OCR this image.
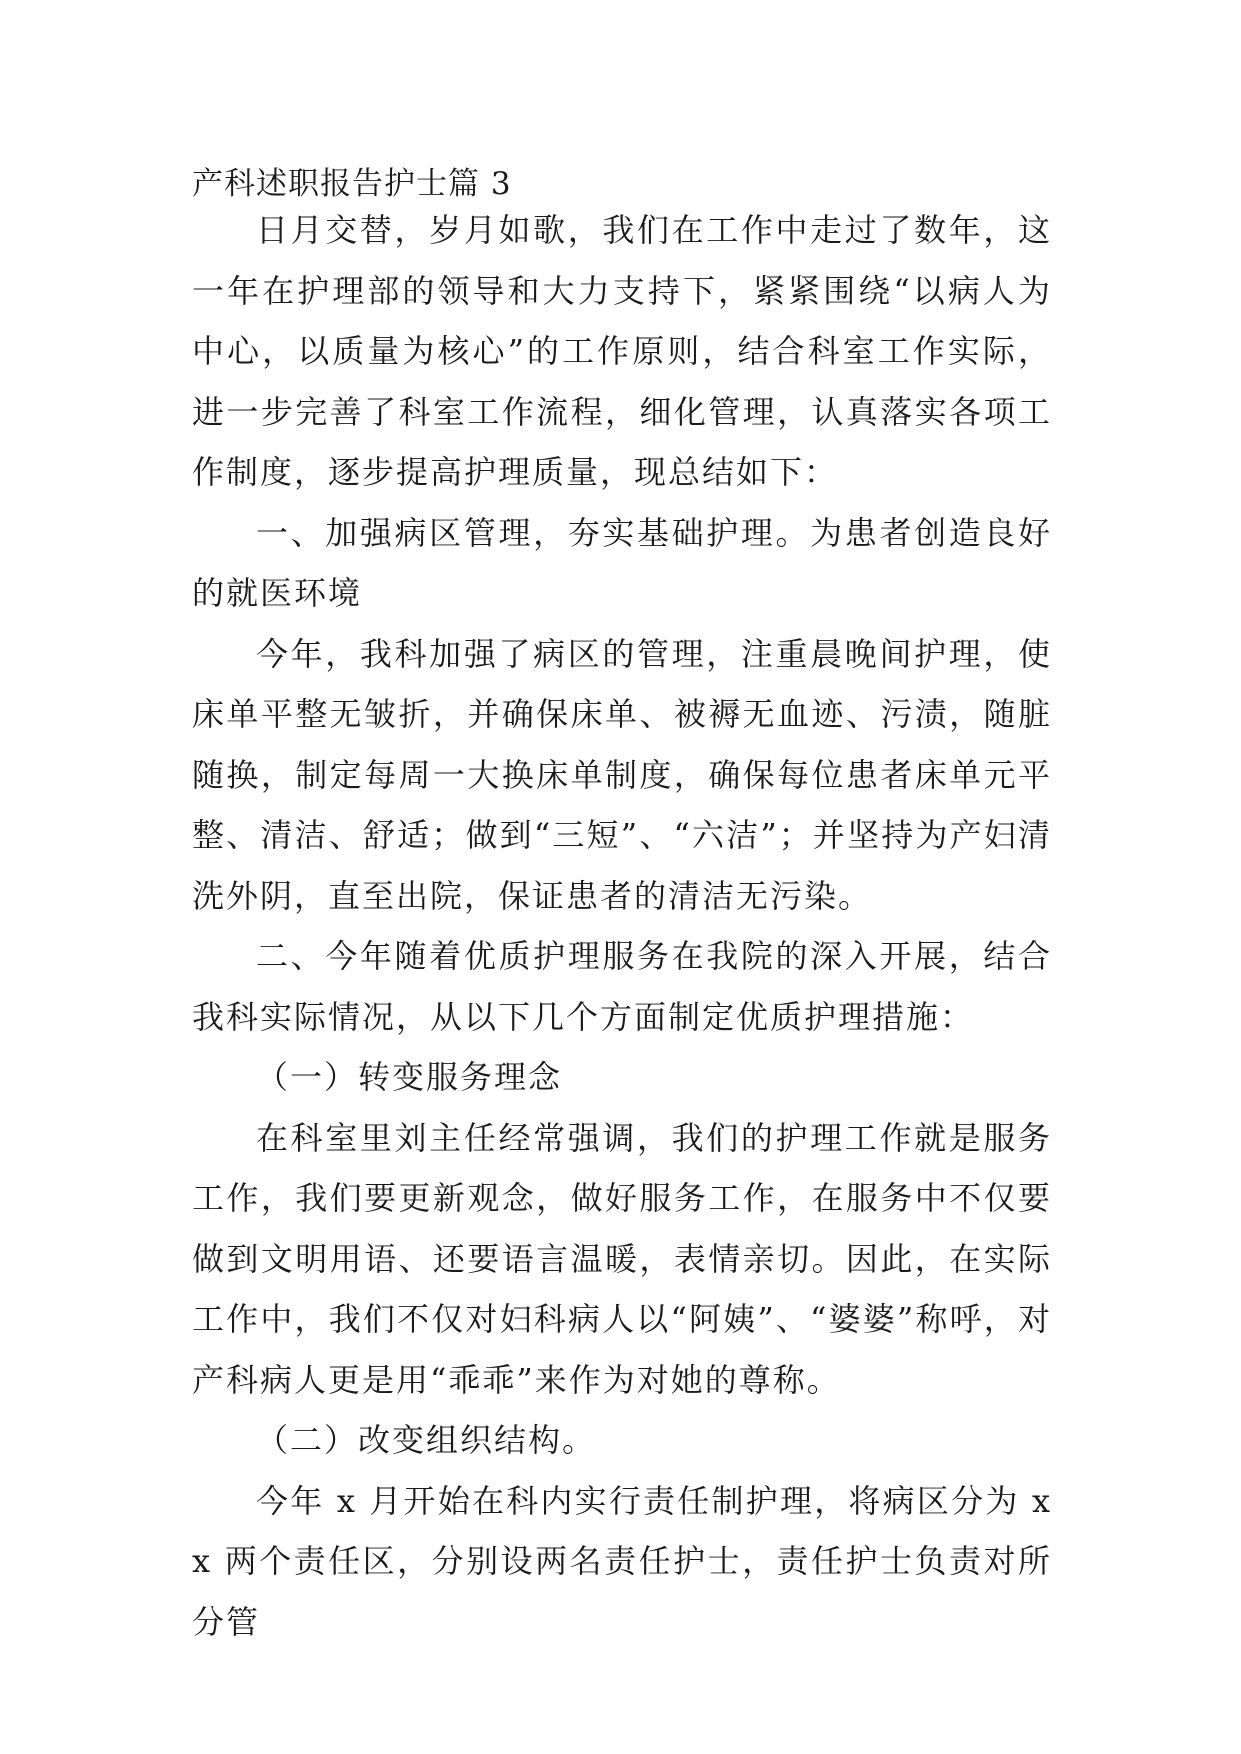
产科述职报告护士篇 3

日月交替，岁月如歌，我们在工作中走过了数年，这一年在护理部的领导和大力支持下，紧紧围绕“以病人为中心，以质量为核心”的工作原则，结合科室工作实际，进一步完善了科室工作流程，细化管理，认真落实各项工作制度，逐步提高护理质量，现总结如下：

一、加强病区管理，夯实基础护理。为患者创造良好的就医环境

今年，我科加强了病区的管理，注重晨晚间护理，使床单平整无皱折，并确保床单、被褥无血迹、污渍，随脏随换，制定每周一大换床单制度，确保每位患者床单元平整、清洁、舒适；做到“三短”、“六洁”；并坚持为产妇清洗外阴，直至出院，保证患者的清洁无污染。

二、今年随着优质护理服务在我院的深入开展，结合我科实际情况，从以下几个方面制定优质护理措施：

（一）转变服务理念

在科室里刘主任经常强调，我们的护理工作就是服务工作，我们要更新观念，做好服务工作，在服务中不仅要做到文明用语、还要语言温暖，表情亲切。因此，在实际工作中，我们不仅对妇科病人以“阿姨”、“婆婆”称呼，对产科病人更是用“乖乖”来作为对她的尊称。

（二）改变组织结构。

今年 x 月开始在科内实行责任制护理，将病区分为 xx 两个责任区，分别设两名责任护士，责任护士负责对所分管
